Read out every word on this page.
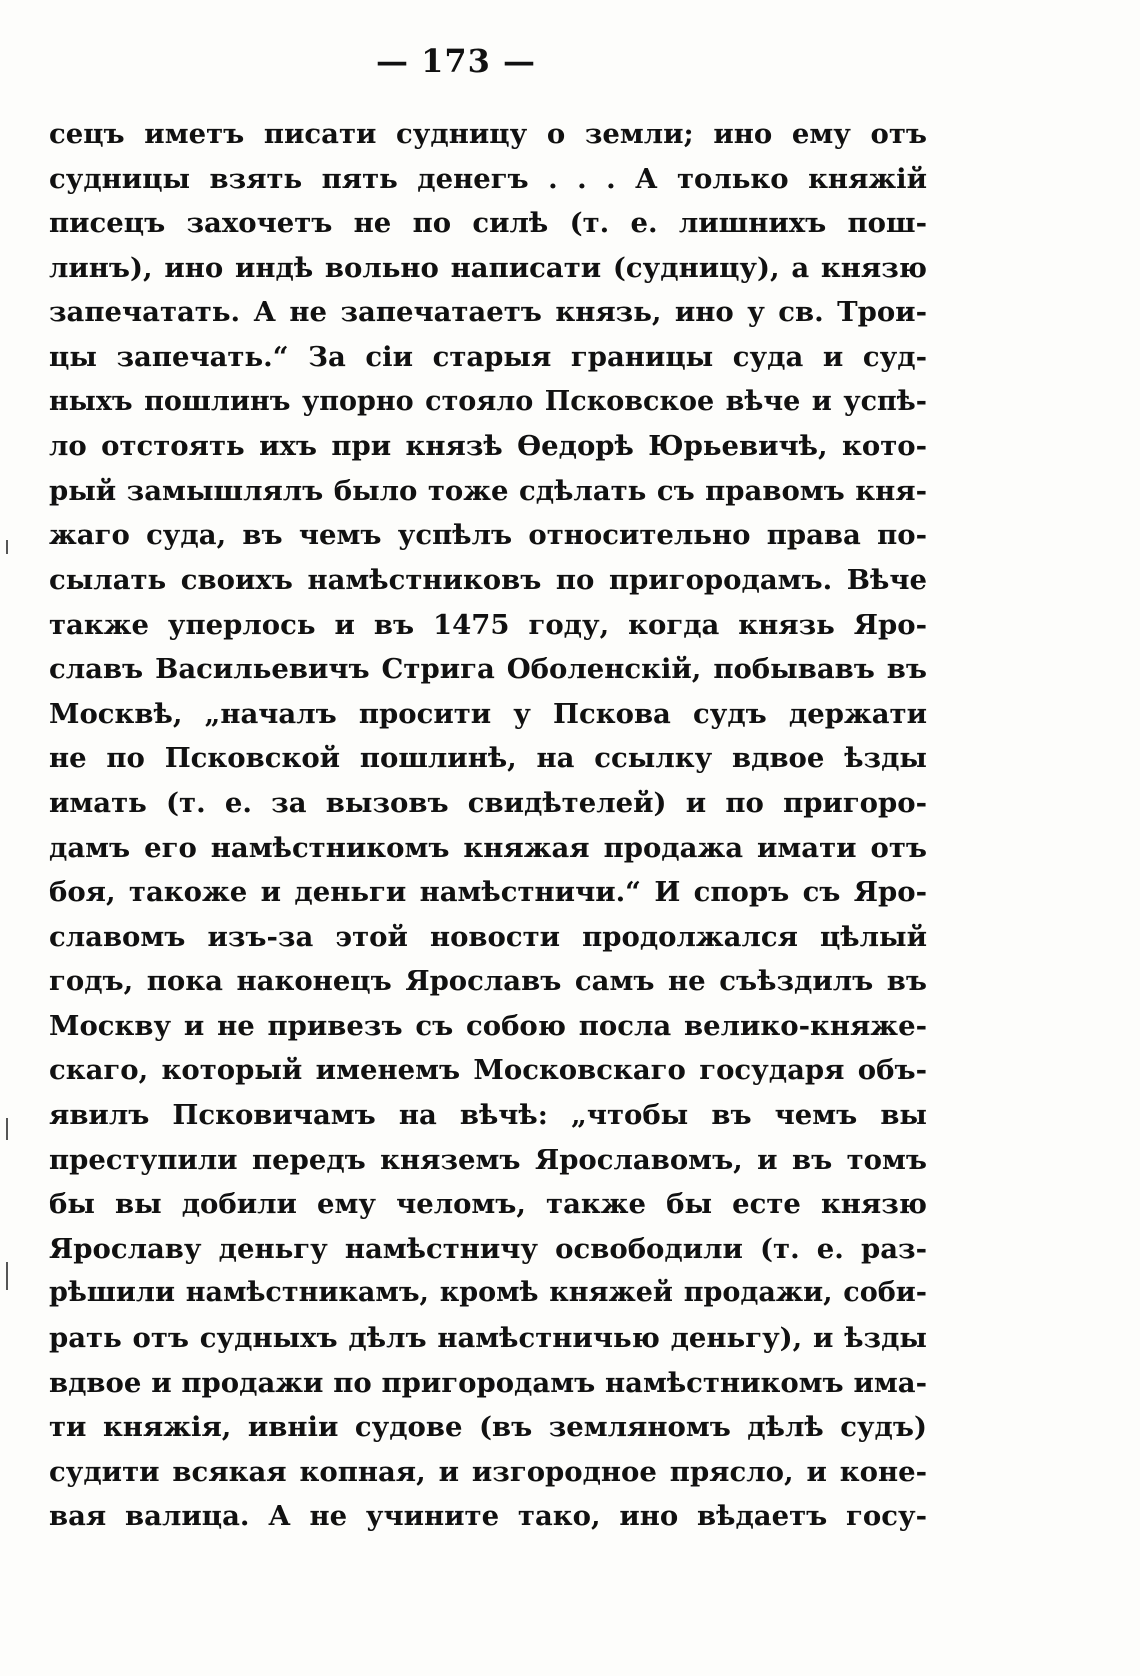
— 173 —
сецъ иметъ писати судницу о земли; ино ему отъ
судницы взять пять денегъ . . . А только княжій
писецъ захочетъ не по силѣ (т. е. лишнихъ пош-
линъ), ино индѣ вольно написати (судницу), а князю
запечатать. А не запечатаетъ князь, ино у св. Трои-
цы запечать.“ За сіи старыя границы суда и суд-
ныхъ пошлинъ упорно стояло Псковское вѣче и успѣ-
ло отстоять ихъ при князѣ Ѳедорѣ Юрьевичѣ, кото-
рый замышлялъ было тоже сдѣлать съ правомъ кня-
жаго суда, въ чемъ успѣлъ относительно права по-
сылать своихъ намѣстниковъ по пригородамъ. Вѣче
также уперлось и въ 1475 году, когда князь Яро-
славъ Васильевичъ Стрига Оболенскій, побывавъ въ
Москвѣ, „началъ просити у Пскова судъ держати
не по Псковской пошлинѣ, на ссылку вдвое ѣзды
имать (т. е. за вызовъ свидѣтелей) и по пригоро-
дамъ его намѣстникомъ княжая продажа имати отъ
боя, такоже и деньги намѣстничи.“ И споръ съ Яро-
славомъ изъ-за этой новости продолжался цѣлый
годъ, пока наконецъ Ярославъ самъ не съѣздилъ въ
Москву и не привезъ съ собою посла велико-княже-
скаго, который именемъ Московскаго государя объ-
явилъ Псковичамъ на вѣчѣ: „чтобы въ чемъ вы
преступили передъ княземъ Ярославомъ, и въ томъ
бы вы добили ему челомъ, также бы есте князю
Ярославу деньгу намѣстничу освободили (т. е. раз-
рѣшили намѣстникамъ, кромѣ княжей продажи, соби-
рать отъ судныхъ дѣлъ намѣстничью деньгу), и ѣзды
вдвое и продажи по пригородамъ намѣстникомъ има-
ти княжія, ивніи судове (въ земляномъ дѣлѣ судъ)
судити всякая копная, и изгородное прясло, и коне-
вая валица. А не учините тако, ино вѣдаетъ госу-
